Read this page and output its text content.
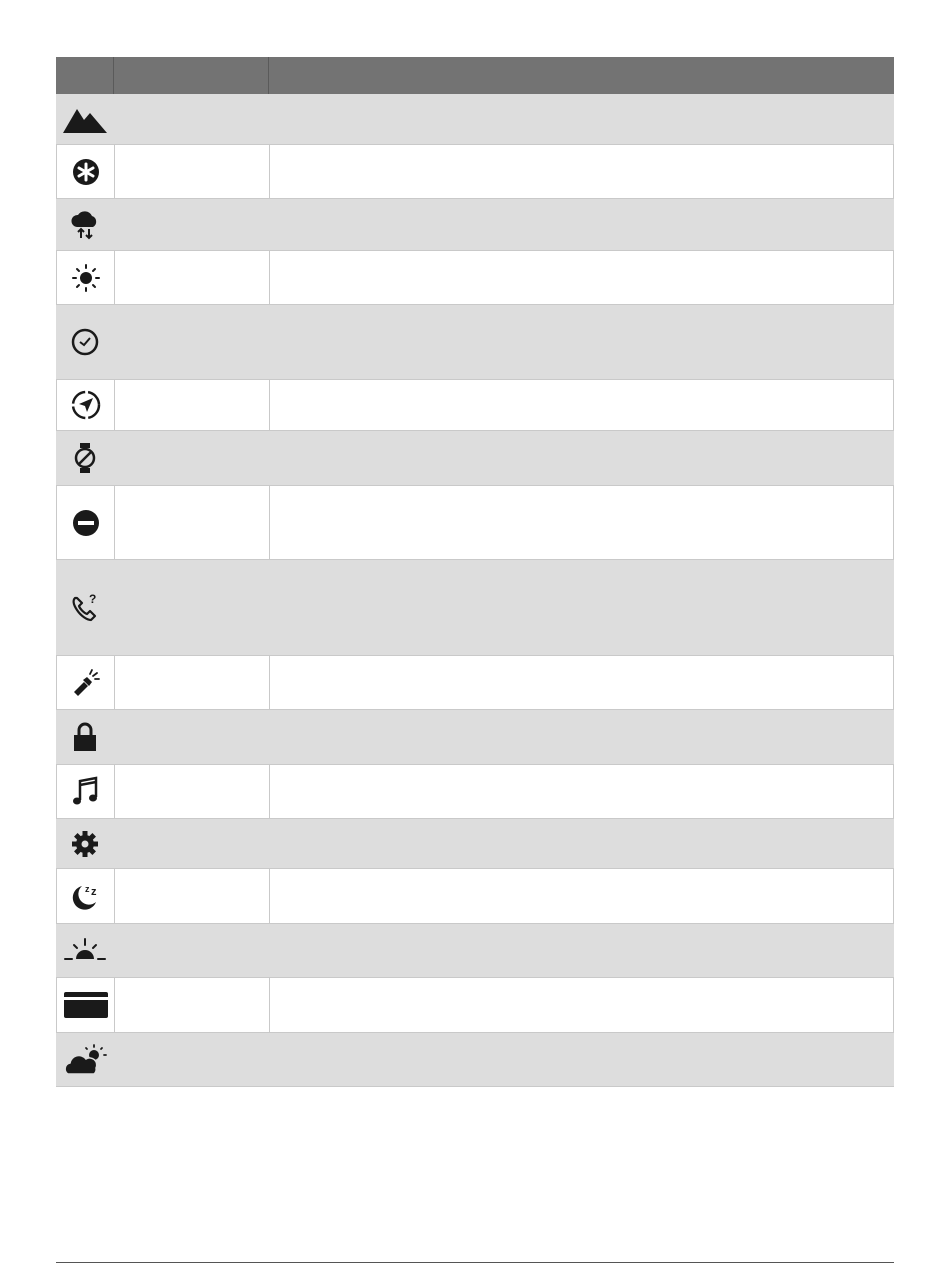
?
z z
